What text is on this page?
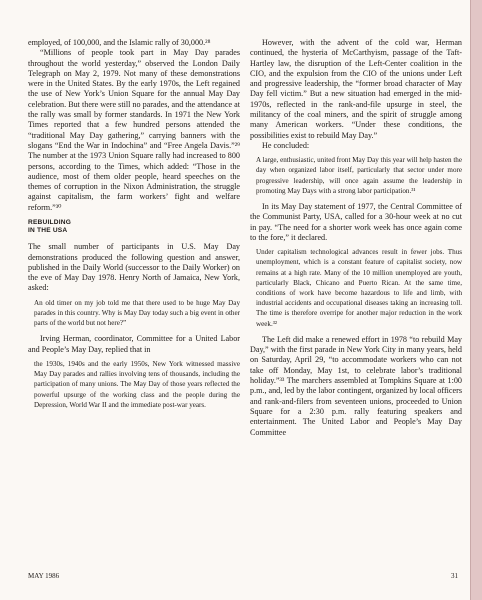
employed, of 100,000, and the Islamic rally of 30,000.²⁸

“Millions of people took part in May Day parades throughout the world yesterday,” observed the London Daily Telegraph on May 2, 1979. Not many of these demonstrations were in the United States. By the early 1970s, the Left regained the use of New York’s Union Square for the annual May Day celebration. But there were still no parades, and the attendance at the rally was small by former standards. In 1971 the New York Times reported that a few hundred persons attended the “traditional May Day gathering,” carrying banners with the slogans “End the War in Indochina” and “Free Angela Davis.”²⁹ The number at the 1973 Union Square rally had increased to 800 persons, according to the Times, which added: “Those in the audience, most of them older people, heard speeches on the themes of corruption in the Nixon Administration, the struggle against capitalism, the farm workers’ fight and welfare reform.”³⁰

REBUILDING
IN THE USA

The small number of participants in U.S. May Day demonstrations produced the following question and answer, published in the Daily World (successor to the Daily Worker) on the eve of May Day 1978. Henry North of Jamaica, New York, asked:

An old timer on my job told me that there used to be huge May Day parades in this country. Why is May Day today such a big event in other parts of the world but not here?”

Irving Herman, coordinator, Committee for a United Labor and People’s May Day, replied that in

the 1930s, 1940s and the early 1950s, New York witnessed massive May Day parades and rallies involving tens of thousands, including the participation of many unions. The May Day of those years reflected the powerful upsurge of the working class and the people during the Depression, World War II and the immediate post-war years.

However, with the advent of the cold war, Herman continued, the hysteria of McCarthyism, passage of the Taft-Hartley law, the disruption of the Left-Center coalition in the CIO, and the expulsion from the CIO of the unions under Left and progressive leadership, the “former broad character of May Day fell victim.” But a new situation had emerged in the mid-1970s, reflected in the rank-and-file upsurge in steel, the militancy of the coal miners, and the spirit of struggle among many American workers. “Under these conditions, the possibilities exist to rebuild May Day.”

He concluded:

A large, enthusiastic, united front May Day this year will help hasten the day when organized labor itself, particularly that sector under more progressive leadership, will once again assume the leadership in promoting May Days with a strong labor participation.³¹

In its May Day statement of 1977, the Central Committee of the Communist Party, USA, called for a 30-hour week at no cut in pay. “The need for a shorter work week has once again come to the fore,” it declared.

Under capitalism technological advances result in fewer jobs. Thus unemployment, which is a constant feature of capitalist society, now remains at a high rate. Many of the 10 million unemployed are youth, particularly Black, Chicano and Puerto Rican. At the same time, conditions of work have become hazardous to life and limb, with industrial accidents and occupational diseases taking an increasing toll. The time is therefore overripe for another major reduction in the work week.³²

The Left did make a renewed effort in 1978 “to rebuild May Day,” with the first parade in New York City in many years, held on Saturday, April 29, “to accommodate workers who can not take off Monday, May 1st, to celebrate labor’s traditional holiday.”³³ The marchers assembled at Tompkins Square at 1:00 p.m., and, led by the labor contingent, organized by local officers and rank-and-filers from seventeen unions, proceeded to Union Square for a 2:30 p.m. rally featuring speakers and entertainment. The United Labor and People’s May Day Committee

MAY 1986	31
